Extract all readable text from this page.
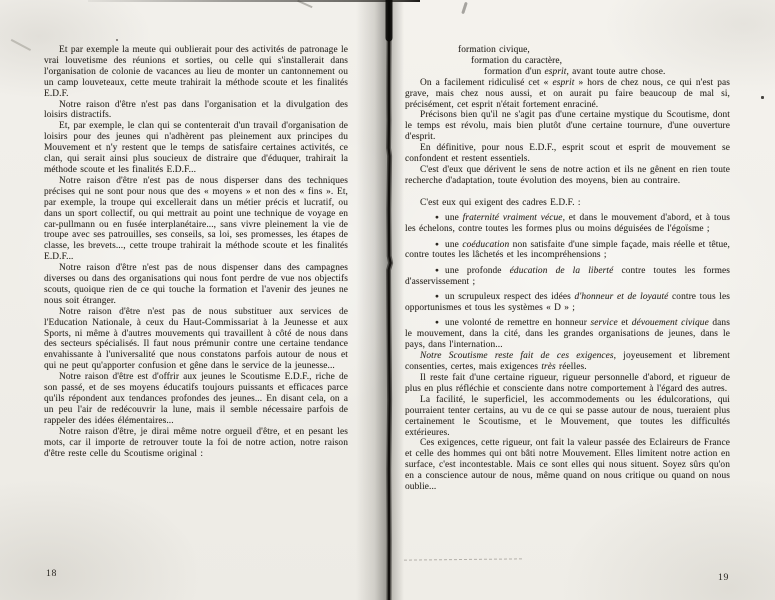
Et par exemple la meute qui oublierait pour des activités de patronage le vrai louvetisme des réunions et sorties, ou celle qui s'installerait dans l'organisation de colonie de vacances au lieu de monter un cantonnement ou un camp louveteaux, cette meute trahirait la méthode scoute et les finalités E.D.F.

Notre raison d'être n'est pas dans l'organisation et la divulgation des loisirs distractifs.

Et, par exemple, le clan qui se contenterait d'un travail d'organisation de loisirs pour des jeunes qui n'adhèrent pas pleinement aux principes du Mouvement et n'y restent que le temps de satisfaire certaines activités, ce clan, qui serait ainsi plus soucieux de distraire que d'éduquer, trahirait la méthode scoute et les finalités E.D.F...

Notre raison d'être n'est pas de nous disperser dans des techniques précises qui ne sont pour nous que des « moyens » et non des « fins ». Et, par exemple, la troupe qui excellerait dans un métier précis et lucratif, ou dans un sport collectif, ou qui mettrait au point une technique de voyage en car-pullmann ou en fusée interplanétaire..., sans vivre pleinement la vie de troupe avec ses patrouilles, ses conseils, sa loi, ses promesses, les étapes de classe, les brevets..., cette troupe trahirait la méthode scoute et les finalités E.D.F...

Notre raison d'être n'est pas de nous dispenser dans des campagnes diverses ou dans des organisations qui nous font perdre de vue nos objectifs scouts, quoique rien de ce qui touche la formation et l'avenir des jeunes ne nous soit étranger.

Notre raison d'être n'est pas de nous substituer aux services de l'Education Nationale, à ceux du Haut-Commissariat à la Jeunesse et aux Sports, ni même à d'autres mouvements qui travaillent à côté de nous dans des secteurs spécialisés. Il faut nous prémunir contre une certaine tendance envahissante à l'universalité que nous constatons parfois autour de nous et qui ne peut qu'apporter confusion et gêne dans le service de la jeunesse...

Notre raison d'être est d'offrir aux jeunes le Scoutisme E.D.F., riche de son passé, et de ses moyens éducatifs toujours puissants et efficaces parce qu'ils répondent aux tendances profondes des jeunes... En disant cela, on a un peu l'air de redécouvrir la lune, mais il semble nécessaire parfois de rappeler des idées élémentaires...

Notre raison d'être, je dirai même notre orgueil d'être, et en pesant les mots, car il importe de retrouver toute la foi de notre action, notre raison d'être reste celle du Scoutisme original :

18

formation civique,

formation du caractère,

formation d'un esprit, avant toute autre chose.

On a facilement ridiculisé cet « esprit » hors de chez nous, ce qui n'est pas grave, mais chez nous aussi, et on aurait pu faire beaucoup de mal si, précisément, cet esprit n'était fortement enraciné.

Précisons bien qu'il ne s'agit pas d'une certaine mystique du Scoutisme, dont le temps est révolu, mais bien plutôt d'une certaine tournure, d'une ouverture d'esprit.

En définitive, pour nous E.D.F., esprit scout et esprit de mouvement se confondent et restent essentiels.

C'est d'eux que dérivent le sens de notre action et ils ne gênent en rien toute recherche d'adaptation, toute évolution des moyens, bien au contraire.

C'est eux qui exigent des cadres E.D.F. :

● une fraternité vraiment vécue, et dans le mouvement d'abord, et à tous les échelons, contre toutes les formes plus ou moins déguisées de l'égoïsme ;

● une coéducation non satisfaite d'une simple façade, mais réelle et têtue, contre toutes les lâchetés et les incompréhensions ;

● une profonde éducation de la liberté contre toutes les formes d'asservissement ;

● un scrupuleux respect des idées d'honneur et de loyauté contre tous les opportunismes et tous les systèmes « D » ;

● une volonté de remettre en honneur service et dévouement civique dans le mouvement, dans la cité, dans les grandes organisations de jeunes, dans le pays, dans l'internation...

Notre Scoutisme reste fait de ces exigences, joyeusement et librement consenties, certes, mais exigences très réelles.

Il reste fait d'une certaine rigueur, rigueur personnelle d'abord, et rigueur de plus en plus réfléchie et consciente dans notre comportement à l'égard des autres.

La facilité, le superficiel, les accommodements ou les édulcorations, qui pourraient tenter certains, au vu de ce qui se passe autour de nous, tueraient plus certainement le Scoutisme, et le Mouvement, que toutes les difficultés extérieures.

Ces exigences, cette rigueur, ont fait la valeur passée des Eclaireurs de France et celle des hommes qui ont bâti notre Mouvement. Elles limitent notre action en surface, c'est incontestable. Mais ce sont elles qui nous situent. Soyez sûrs qu'on en a conscience autour de nous, même quand on nous critique ou quand on nous oublie...

19
